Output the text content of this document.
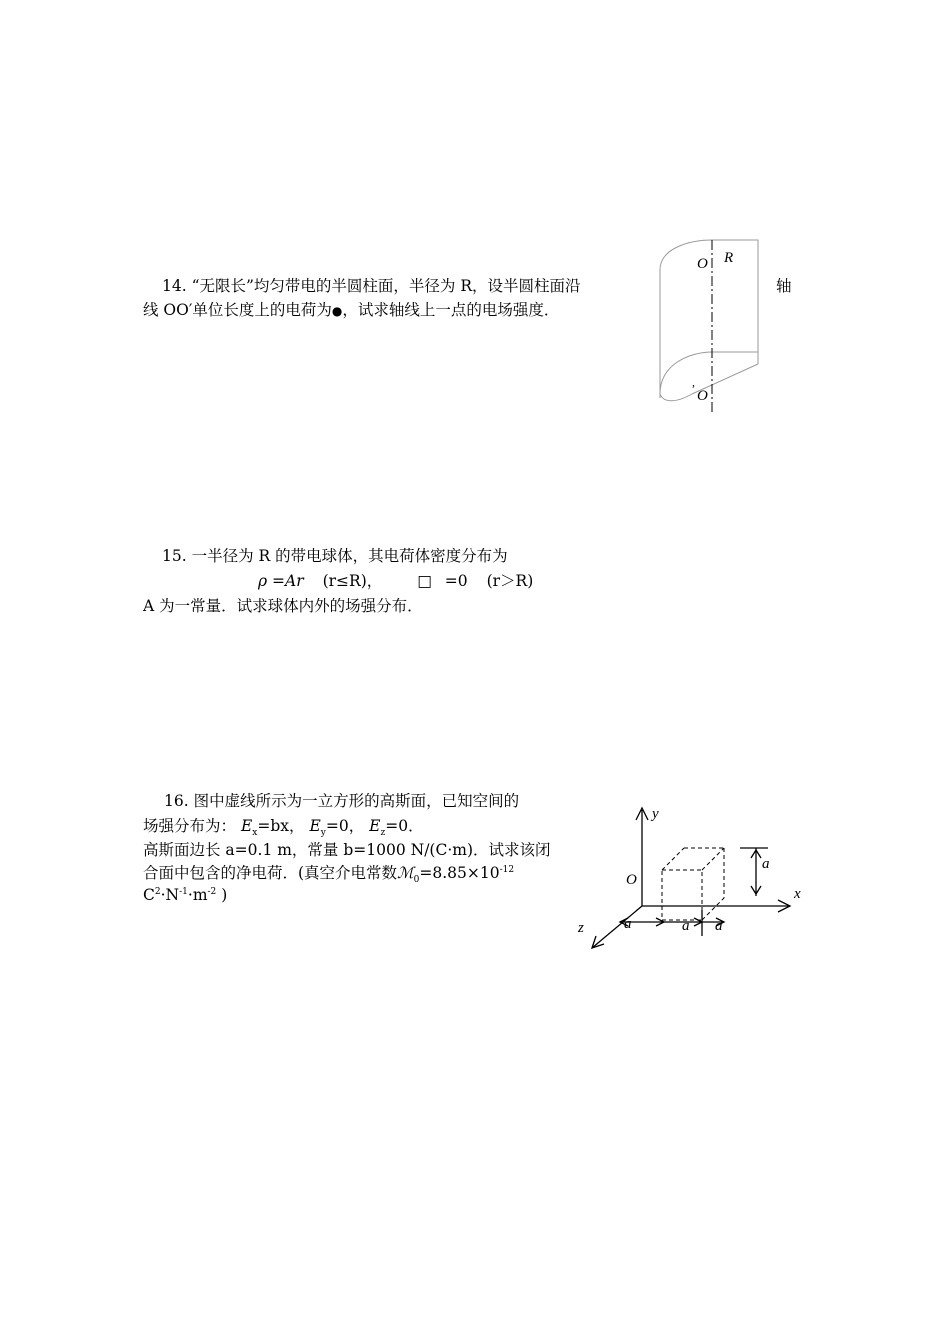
14. “无限长”均匀带电的半圆柱面，半径为 R，设半圆柱面沿	轴
线 OO′单位长度上的电荷为●，试求轴线上一点的电场强度．
O R
,
O
15. 一半径为 R 的带电球体，其电荷体密度分布为
ρ =Ar (r≤R)， □ =0 (r＞R)
A 为一常量．试求球体内外的场强分布．
16. 图中虚线所示为一立方形的高斯面，已知空间的
场强分布为： $E_x=bx$， $E_y=0$， $E_z=0$．
高斯面边长 a=0.1 m，常量 b=1000 N/(C·m)．试求该闭
合面中包含的净电荷．(真空介电常数$ℳ_0=8.85\times 10^{-12}$
$C^2\cdot N^{-1}\cdot m^{-2}$ )
y
x
z
O
a
a	a a
